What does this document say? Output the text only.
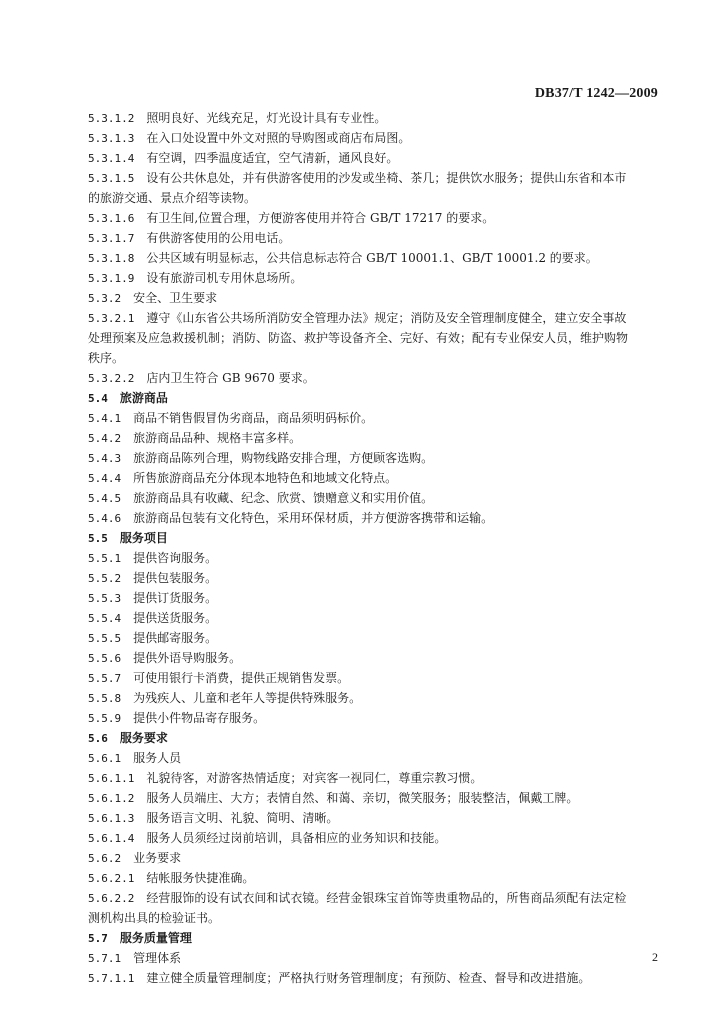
DB37/T 1242—2009
5.3.1.2 照明良好、光线充足，灯光设计具有专业性。
5.3.1.3 在入口处设置中外文对照的导购图或商店布局图。
5.3.1.4 有空调，四季温度适宜，空气清新，通风良好。
5.3.1.5 设有公共休息处，并有供游客使用的沙发或坐椅、茶几；提供饮水服务；提供山东省和本市
的旅游交通、景点介绍等读物。
5.3.1.6 有卫生间,位置合理，方便游客使用并符合 GB/T 17217 的要求。
5.3.1.7 有供游客使用的公用电话。
5.3.1.8 公共区域有明显标志，公共信息标志符合 GB/T 10001.1、GB/T 10001.2 的要求。
5.3.1.9 设有旅游司机专用休息场所。
5.3.2 安全、卫生要求
5.3.2.1 遵守《山东省公共场所消防安全管理办法》规定；消防及安全管理制度健全，建立安全事故
处理预案及应急救援机制；消防、防盗、救护等设备齐全、完好、有效；配有专业保安人员，维护购物
秩序。
5.3.2.2 店内卫生符合 GB 9670 要求。
5.4 旅游商品
5.4.1 商品不销售假冒伪劣商品，商品须明码标价。
5.4.2 旅游商品品种、规格丰富多样。
5.4.3 旅游商品陈列合理，购物线路安排合理，方便顾客选购。
5.4.4 所售旅游商品充分体现本地特色和地域文化特点。
5.4.5 旅游商品具有收藏、纪念、欣赏、馈赠意义和实用价值。
5.4.6 旅游商品包装有文化特色，采用环保材质，并方便游客携带和运输。
5.5 服务项目
5.5.1 提供咨询服务。
5.5.2 提供包装服务。
5.5.3 提供订货服务。
5.5.4 提供送货服务。
5.5.5 提供邮寄服务。
5.5.6 提供外语导购服务。
5.5.7 可使用银行卡消费，提供正规销售发票。
5.5.8 为残疾人、儿童和老年人等提供特殊服务。
5.5.9 提供小件物品寄存服务。
5.6 服务要求
5.6.1 服务人员
5.6.1.1 礼貌待客，对游客热情适度；对宾客一视同仁，尊重宗教习惯。
5.6.1.2 服务人员端庄、大方；表情自然、和蔼、亲切，微笑服务；服装整洁，佩戴工牌。
5.6.1.3 服务语言文明、礼貌、简明、清晰。
5.6.1.4 服务人员须经过岗前培训，具备相应的业务知识和技能。
5.6.2 业务要求
5.6.2.1 结帐服务快捷准确。
5.6.2.2 经营服饰的设有试衣间和试衣镜。经营金银珠宝首饰等贵重物品的，所售商品须配有法定检
测机构出具的检验证书。
5.7 服务质量管理
5.7.1 管理体系
5.7.1.1 建立健全质量管理制度；严格执行财务管理制度；有预防、检查、督导和改进措施。
2
